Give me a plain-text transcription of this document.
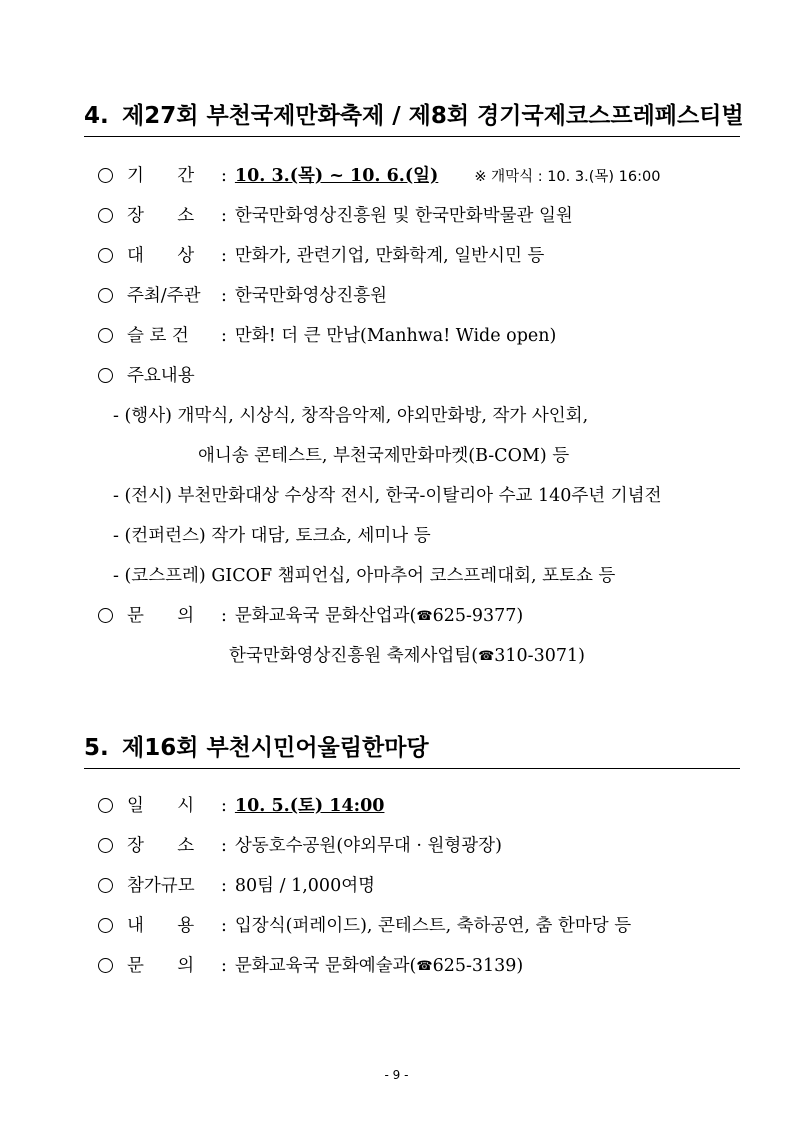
4. 제27회 부천국제만화축제 / 제8회 경기국제코스프레페스티벌
기      간 : 10. 3.(목) ~ 10. 6.(일) ※ 개막식 : 10. 3.(목) 16:00
장      소 : 한국만화영상진흥원 및 한국만화박물관 일원
대      상 : 만화가, 관련기업, 만화학계, 일반시민 등
주최/주관 : 한국만화영상진흥원
슬 로 건 : 만화! 더 큰 만남(Manhwa! Wide open)
주요내용
- (행사) 개막식, 시상식, 창작음악제, 야외만화방, 작가 사인회,
애니송 콘테스트, 부천국제만화마켓(B-COM) 등
- (전시) 부천만화대상 수상작 전시, 한국-이탈리아 수교 140주년 기념전
- (컨퍼런스) 작가 대담, 토크쇼, 세미나 등
- (코스프레) GICOF 챔피언십, 아마추어 코스프레대회, 포토쇼 등
문      의 : 문화교육국 문화산업과(☎625-9377)
한국만화영상진흥원 축제사업팀(☎310-3071)
5. 제16회 부천시민어울림한마당
일      시 : 10. 5.(토) 14:00
장      소 : 상동호수공원(야외무대 · 원형광장)
참가규모 : 80팀 / 1,000여명
내      용 : 입장식(퍼레이드), 콘테스트, 축하공연, 춤 한마당 등
문      의 : 문화교육국 문화예술과(☎625-3139)
- 9 -
